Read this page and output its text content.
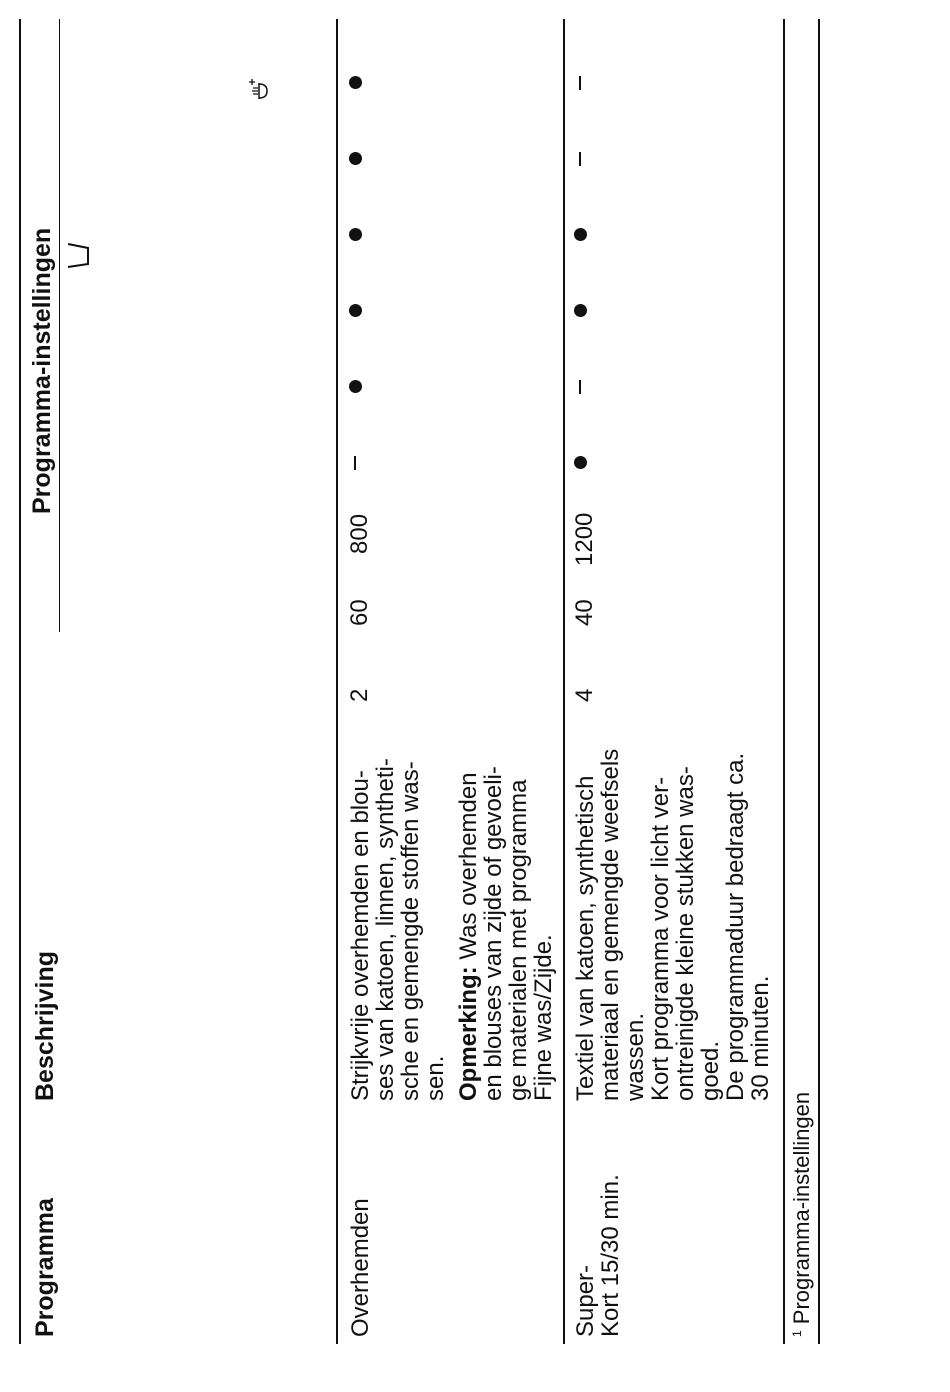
Programma
Beschrijving
Programma-instellingen
Overhemden
Strijkvrije overhemden en blou-
ses van katoen, linnen, syntheti-
sche en gemengde stoffen was-
sen. Opmerking: Was overhemden
en blouses van zijde of gevoeli-
ge materialen met programma
Fijne was/Zijde.
2
60
800
Super-
Kort 15/30 min.
Textiel van katoen, synthetisch
materiaal en gemengde weefsels
wassen.
Kort programma voor licht ver-
ontreinigde kleine stukken was-
goed.
De programmaduur bedraagt ca.
30 minuten.
4
40
1200
$^1$ Programma-instellingen
